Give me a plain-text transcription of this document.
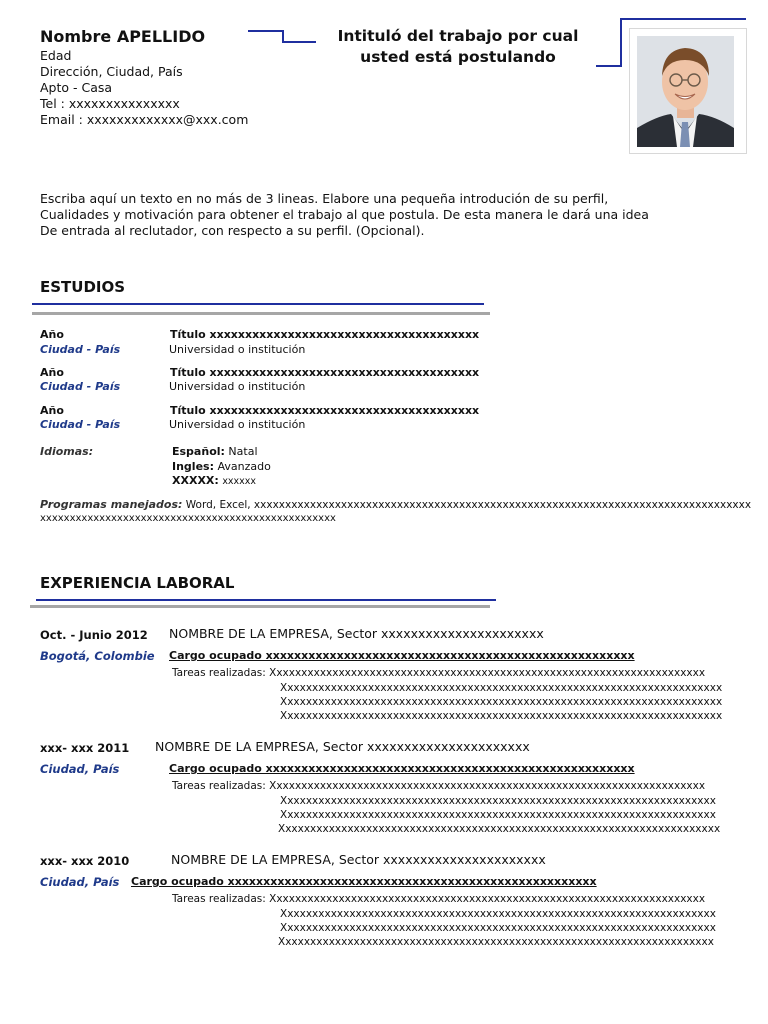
Nombre APELLIDO
Edad
Dirección, Ciudad, País
Apto - Casa
Tel : xxxxxxxxxxxxxxx
Email : xxxxxxxxxxxxx@xxx.com
Intituló del trabajo por cual
usted está postulando
Escriba aquí un texto en no más de 3 lineas. Elabore una pequeña introdución de su perfil,
Cualidades y motivación para obtener el trabajo al que postula. De esta manera le dará una idea
De entrada al reclutador, con respecto a su perfil. (Opcional).
ESTUDIOS
Año	Título xxxxxxxxxxxxxxxxxxxxxxxxxxxxxxxxxxxxxx
Ciudad - País	Universidad o institución
Año	Título xxxxxxxxxxxxxxxxxxxxxxxxxxxxxxxxxxxxxx
Ciudad - País	Universidad o institución
Año	Título xxxxxxxxxxxxxxxxxxxxxxxxxxxxxxxxxxxxxx
Ciudad - País	Universidad o institución
Idiomas:	Español: Natal
Ingles: Avanzado
XXXXX: xxxxxx
Programas manejados: Word, Excel, xxxxxxxxxxxxxxxxxxxxxxxxxxxxxxxxxxxxxxxxxxxxxxxxxxxxxxxxxxxxxxxxxxxxxxxxxxxxxxxx
xxxxxxxxxxxxxxxxxxxxxxxxxxxxxxxxxxxxxxxxxxxxxxxxxx
EXPERIENCIA LABORAL
Oct. - Junio 2012 NOMBRE DE LA EMPRESA, Sector xxxxxxxxxxxxxxxxxxxxxx
Bogotá, Colombie Cargo ocupado xxxxxxxxxxxxxxxxxxxxxxxxxxxxxxxxxxxxxxxxxxxxxxxxxxxx
Tareas realizadas: Xxxxxxxxxxxxxxxxxxxxxxxxxxxxxxxxxxxxxxxxxxxxxxxxxxxxxxxxxxxxxxxxxxxxxx
Xxxxxxxxxxxxxxxxxxxxxxxxxxxxxxxxxxxxxxxxxxxxxxxxxxxxxxxxxxxxxxxxxxxxxxx
Xxxxxxxxxxxxxxxxxxxxxxxxxxxxxxxxxxxxxxxxxxxxxxxxxxxxxxxxxxxxxxxxxxxxxxx
Xxxxxxxxxxxxxxxxxxxxxxxxxxxxxxxxxxxxxxxxxxxxxxxxxxxxxxxxxxxxxxxxxxxxxxx
xxx- xxx 2011 NOMBRE DE LA EMPRESA, Sector xxxxxxxxxxxxxxxxxxxxxx
Ciudad, País	Cargo ocupado xxxxxxxxxxxxxxxxxxxxxxxxxxxxxxxxxxxxxxxxxxxxxxxxxxxx
Tareas realizadas: Xxxxxxxxxxxxxxxxxxxxxxxxxxxxxxxxxxxxxxxxxxxxxxxxxxxxxxxxxxxxxxxxxxxxxx
Xxxxxxxxxxxxxxxxxxxxxxxxxxxxxxxxxxxxxxxxxxxxxxxxxxxxxxxxxxxxxxxxxxxxxx
Xxxxxxxxxxxxxxxxxxxxxxxxxxxxxxxxxxxxxxxxxxxxxxxxxxxxxxxxxxxxxxxxxxxxxx
Xxxxxxxxxxxxxxxxxxxxxxxxxxxxxxxxxxxxxxxxxxxxxxxxxxxxxxxxxxxxxxxxxxxxxxx
xxx- xxx 2010	NOMBRE DE LA EMPRESA, Sector xxxxxxxxxxxxxxxxxxxxxx
Ciudad, País Cargo ocupado xxxxxxxxxxxxxxxxxxxxxxxxxxxxxxxxxxxxxxxxxxxxxxxxxxxx
Tareas realizadas: Xxxxxxxxxxxxxxxxxxxxxxxxxxxxxxxxxxxxxxxxxxxxxxxxxxxxxxxxxxxxxxxxxxxxxx
Xxxxxxxxxxxxxxxxxxxxxxxxxxxxxxxxxxxxxxxxxxxxxxxxxxxxxxxxxxxxxxxxxxxxxx
Xxxxxxxxxxxxxxxxxxxxxxxxxxxxxxxxxxxxxxxxxxxxxxxxxxxxxxxxxxxxxxxxxxxxxx
Xxxxxxxxxxxxxxxxxxxxxxxxxxxxxxxxxxxxxxxxxxxxxxxxxxxxxxxxxxxxxxxxxxxxxx
